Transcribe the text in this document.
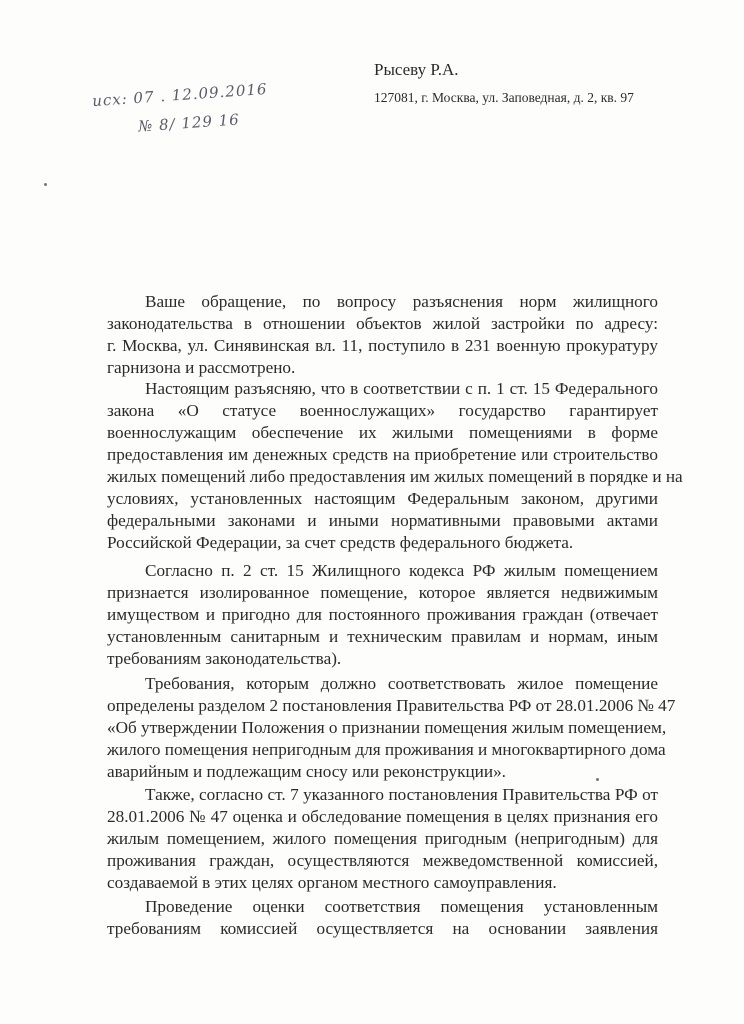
Рысеву Р.А.
127081, г. Москва, ул. Заповедная, д. 2, кв. 97
исх: 07 . 12.09.2016
№ 8/ 129 16
Ваше обращение, по вопросу разъяснения норм жилищного
законодательства в отношении объектов жилой застройки по адресу:
г. Москва, ул. Синявинская вл. 11, поступило в 231 военную прокуратуру
гарнизона и рассмотрено.
Настоящим разъясняю, что в соответствии с п. 1 ст. 15 Федерального
закона «О статусе военнослужащих» государство гарантирует
военнослужащим обеспечение их жилыми помещениями в форме
предоставления им денежных средств на приобретение или строительство
жилых помещений либо предоставления им жилых помещений в порядке и на
условиях, установленных настоящим Федеральным законом, другими
федеральными законами и иными нормативными правовыми актами
Российской Федерации, за счет средств федерального бюджета.
Согласно п. 2 ст. 15 Жилищного кодекса РФ жилым помещением
признается изолированное помещение, которое является недвижимым
имуществом и пригодно для постоянного проживания граждан (отвечает
установленным санитарным и техническим правилам и нормам, иным
требованиям законодательства).
Требования, которым должно соответствовать жилое помещение
определены разделом 2 постановления Правительства РФ от 28.01.2006 № 47
«Об утверждении Положения о признании помещения жилым помещением,
жилого помещения непригодным для проживания и многоквартирного дома
аварийным и подлежащим сносу или реконструкции».
Также, согласно ст. 7 указанного постановления Правительства РФ от
28.01.2006 № 47 оценка и обследование помещения в целях признания его
жилым помещением, жилого помещения пригодным (непригодным) для
проживания граждан, осуществляются межведомственной комиссией,
создаваемой в этих целях органом местного самоуправления.
Проведение оценки соответствия помещения установленным
требованиям комиссией осуществляется на основании заявления
